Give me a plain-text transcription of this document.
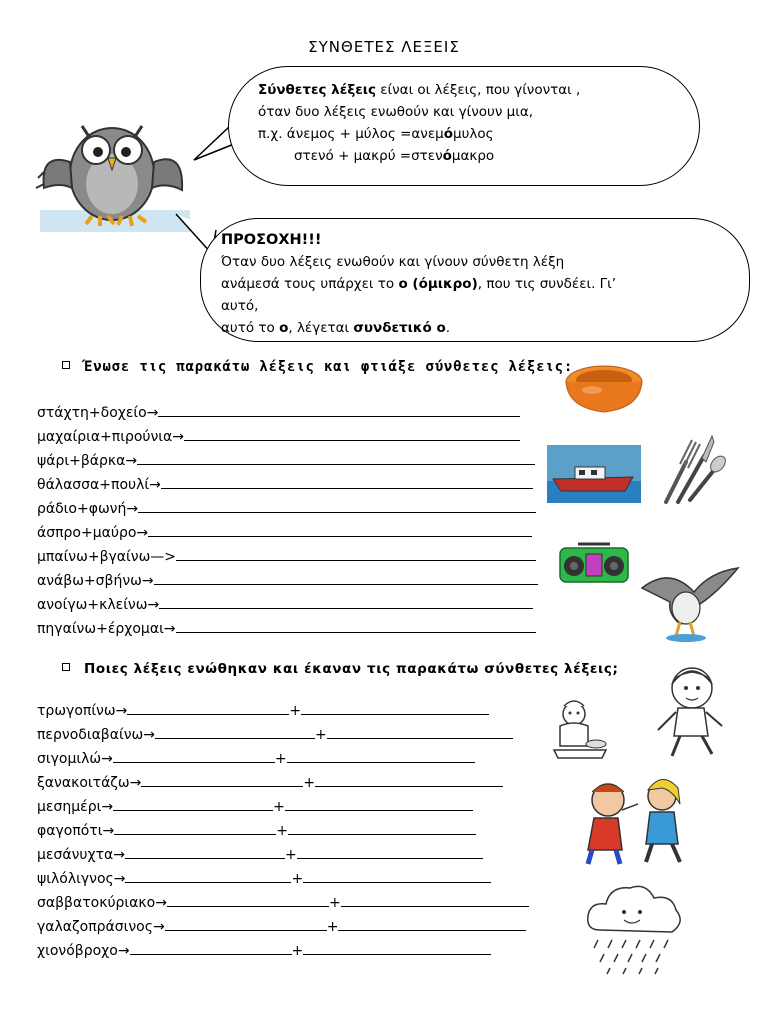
ΣΥΝΘΕΤΕΣ ΛΕΞΕΙΣ
Σύνθετες λέξεις είναι οι λέξεις, που γίνονται ,
όταν δυο λέξεις ενωθούν και γίνουν μια,
π.χ. άνεμος + μύλος =ανεμόμυλος
στενό + μακρύ =στενόμακρο
ΠΡΟΣΟΧΗ!!!
Όταν δυο λέξεις ενωθούν και γίνουν σύνθετη λέξη
ανάμεσά τους υπάρχει το ο (όμικρο), που τις συνδέει. Γι’
αυτό,
αυτό το ο, λέγεται συνδετικό ο.
Ένωσε τις παρακάτω λέξεις και φτιάξε σύνθετες λέξεις:
στάχτη+δοχείο→
μαχαίρια+πιρούνια→
ψάρι+βάρκα→
θάλασσα+πουλί→
ράδιο+φωνή→
άσπρο+μαύρο→
μπαίνω+βγαίνω—>
ανάβω+σβήνω→
ανοίγω+κλείνω→
πηγαίνω+έρχομαι→
Ποιες λέξεις ενώθηκαν και έκαναν τις παρακάτω σύνθετες λέξεις;
τρωγοπίνω→	+
περνοδιαβαίνω→	+
σιγομιλώ→	+
ξανακοιτάζω→	+
μεσημέρι→	+
φαγοπότι→	+
μεσάνυχτα→	+
ψιλόλιγνος→	+
σαββατοκύριακο→	+
γαλαζοπράσινος→	+
χιονόβροχο→	+
